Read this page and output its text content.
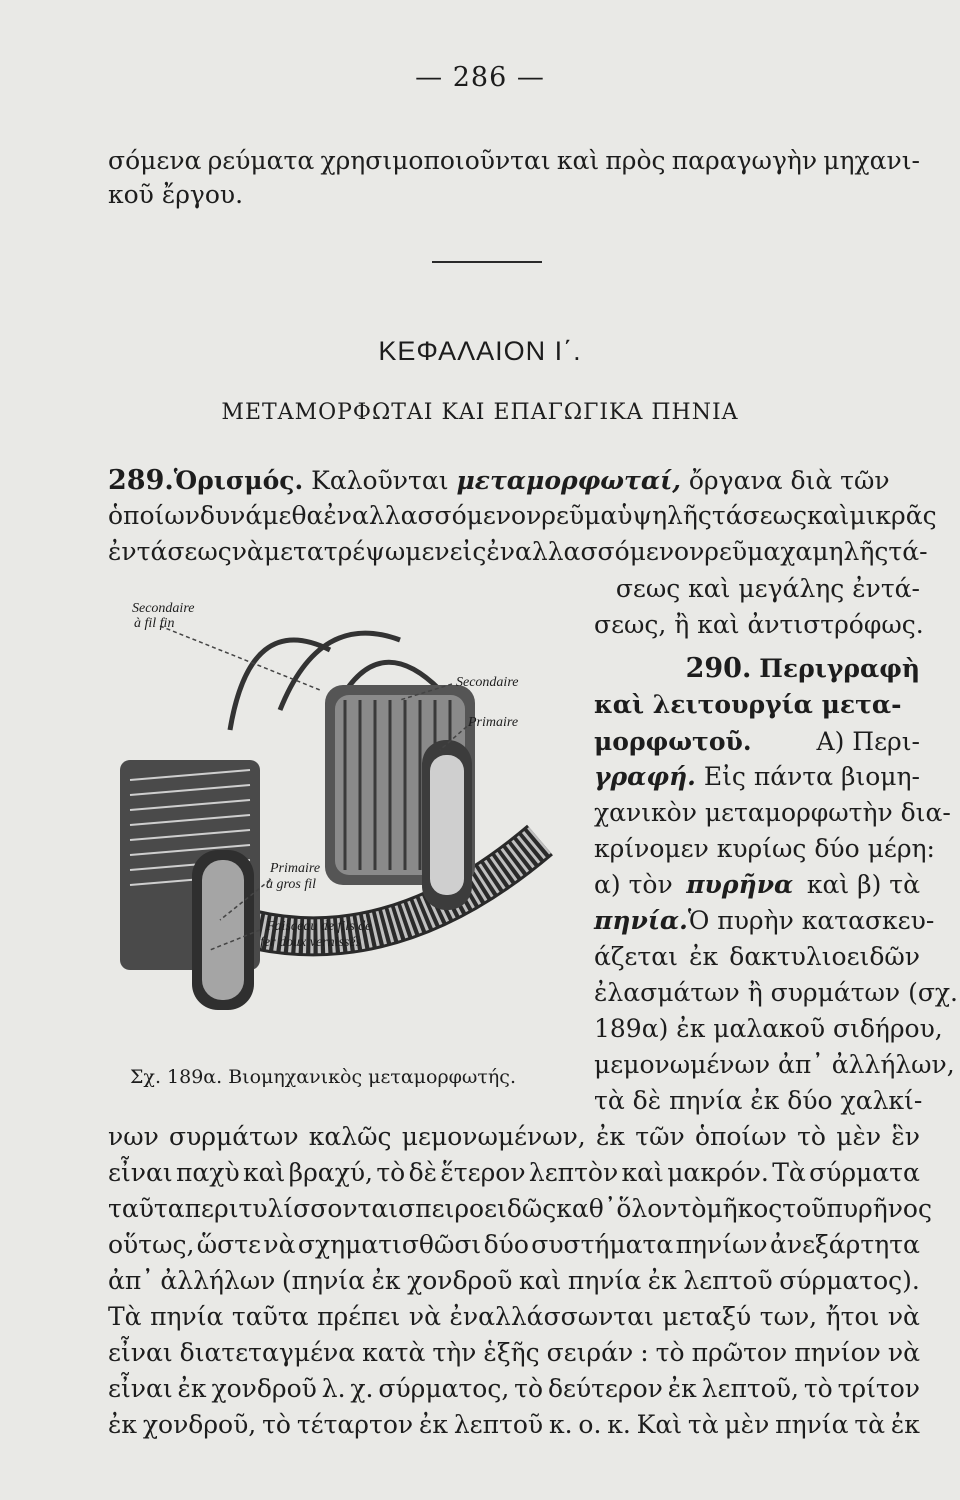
— 286 —
σόμενα ρεύματα χρησιμοποιοῦνται καὶ πρὸς παραγωγὴν μηχανι-
κοῦ ἔργου.
ΚΕΦΑΛΑΙΟΝ Ι΄.
ΜΕΤΑΜΟΡΦΩΤΑΙ ΚΑΙ ΕΠΑΓΩΓΙΚΑ ΠΗΝΙΑ
289.Ὁρισμός. Καλοῦνται μεταμορφωταί, ὄργανα διὰ τῶν
ὁποίων δυνάμεθα ἐναλλασσόμενον ρεῦμα ὑψηλῆς τάσεως καὶ μικρᾶς
ἐντάσεως νὰ μετατρέψωμεν εἰς ἐναλλασσόμενον ρεῦμα χαμηλῆς τά-
σεως καὶ μεγάλης ἐντά-
σεως, ἢ καὶ ἀντιστρόφως.
290. Περιγραφὴ
καὶ λειτουργία μετα-
μορφωτοῦ.	Α) Περι-
γραφή. Εἰς πάντα βιομη-
χανικὸν μεταμορφωτὴν δια-
κρίνομεν κυρίως δύο μέρη:
α) τὸν πυρῆνα καὶ β) τὰ
πηνία.Ὁ πυρὴν κατασκευ-
άζεται ἐκ δακτυλιοειδῶν
ἐλασμάτων ἢ συρμάτων (σχ.
189α) ἐκ μαλακοῦ σιδήρου,
μεμονωμένων ἀπ᾽ ἀλλήλων,
τὰ δὲ πηνία ἐκ δύο χαλκί-
Secondaire
à fil fin
Secondaire
Primaire
Primaire
à gros fil
Faisceau de fils de
fer doux vernissés
Σχ. 189α. Βιομηχανικὸς μεταμορφωτής.
νων συρμάτων καλῶς μεμονωμένων, ἐκ τῶν ὁποίων τὸ μὲν ἓν
εἶναι παχὺ καὶ βραχύ, τὸ δὲ ἕτερον λεπτὸν καὶ μακρόν. Τὰ σύρματα
ταῦτα περιτυλίσσονται σπειροειδῶς καθ᾽ ὅλον τὸ μῆκος τοῦ πυρῆνος
οὕτως, ὥστε νὰ σχηματισθῶσι δύο συστήματα πηνίων ἀνεξάρτητα
ἀπ᾽ ἀλλήλων (πηνία ἐκ χονδροῦ καὶ πηνία ἐκ λεπτοῦ σύρματος).
Τὰ πηνία ταῦτα πρέπει νὰ ἐναλλάσσωνται μεταξύ των, ἤτοι νὰ
εἶναι διατεταγμένα κατὰ τὴν ἑξῆς σειράν : τὸ πρῶτον πηνίον νὰ
εἶναι ἐκ χονδροῦ λ. χ. σύρματος, τὸ δεύτερον ἐκ λεπτοῦ, τὸ τρίτον
ἐκ χονδροῦ, τὸ τέταρτον ἐκ λεπτοῦ κ. ο. κ. Καὶ τὰ μὲν πηνία τὰ ἐκ
